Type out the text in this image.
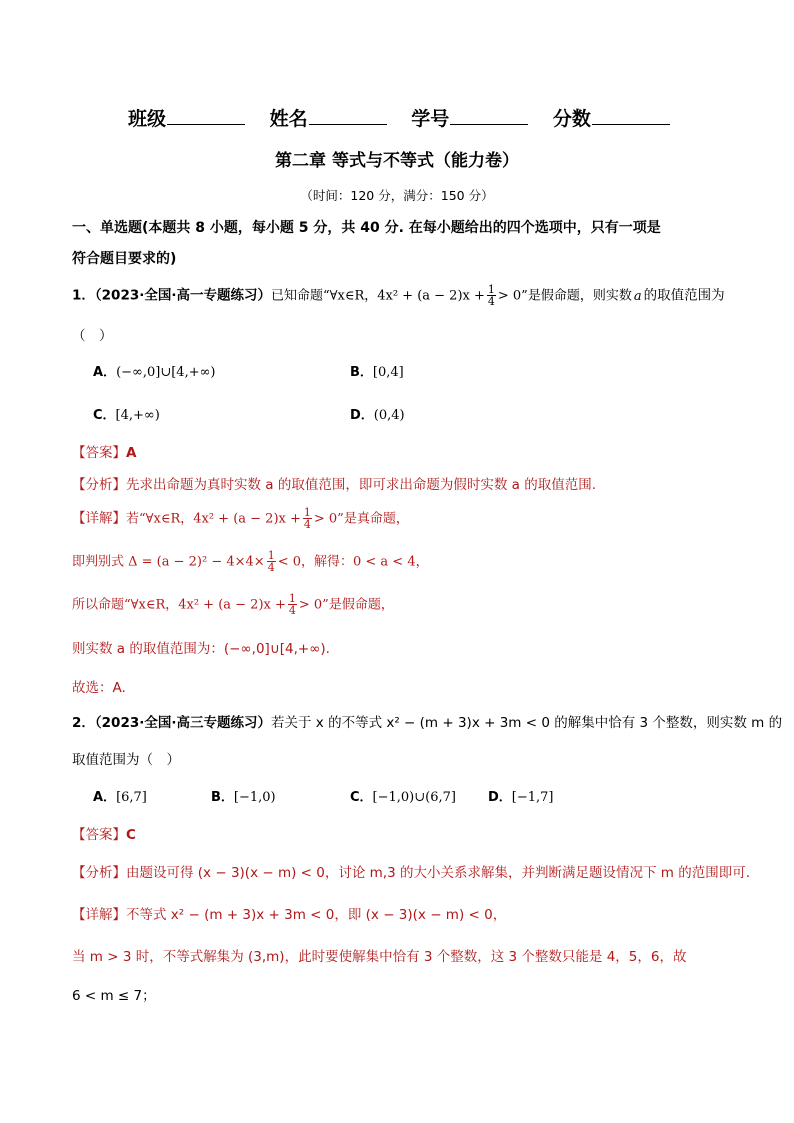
班级	姓名	学号	分数
第二章 等式与不等式（能力卷）
（时间：120 分，满分：150 分）
一、单选题(本题共 8 小题，每小题 5 分，共 40 分. 在每小题给出的四个选项中，只有一项是
符合题目要求的)
1．（2023·全国·高一专题练习）已知命题“∀x∈R，$4x^2 + (a - 2)x + \frac{1}{4} > 0$”是假命题，则实数 a 的取值范围为
（　）
A．(−∞,0]∪[4,+∞)	B．[0,4]
C．[4,+∞)	D．(0,4)
【答案】A
【分析】先求出命题为真时实数 a 的取值范围，即可求出命题为假时实数 a 的取值范围.
【详解】若“∀x∈R，$4x^2 + (a - 2)x + \frac{1}{4} > 0$”是真命题，
即判别式 $\Delta = (a - 2)^2 - 4\times 4\times \frac{1}{4} < 0$，解得：0 < a < 4，
所以命题“∀x∈R，$4x^2 + (a - 2)x + \frac{1}{4} > 0$”是假命题，
则实数 a 的取值范围为：(−∞,0]∪[4,+∞).
故选：A.
2．（2023·全国·高三专题练习）若关于 x 的不等式 x² − (m + 3)x + 3m < 0 的解集中恰有 3 个整数，则实数 m 的
取值范围为（　）
A．[6,7]	B．[−1,0)	C．[−1,0)∪(6,7] D．[−1,7]
【答案】C
【分析】由题设可得 (x − 3)(x − m) < 0，讨论 m,3 的大小关系求解集，并判断满足题设情况下 m 的范围即可.
【详解】不等式 x² − (m + 3)x + 3m < 0，即 (x − 3)(x − m) < 0，
当 m > 3 时，不等式解集为 (3,m)，此时要使解集中恰有 3 个整数，这 3 个整数只能是 4，5，6，故
6 < m ≤ 7；
